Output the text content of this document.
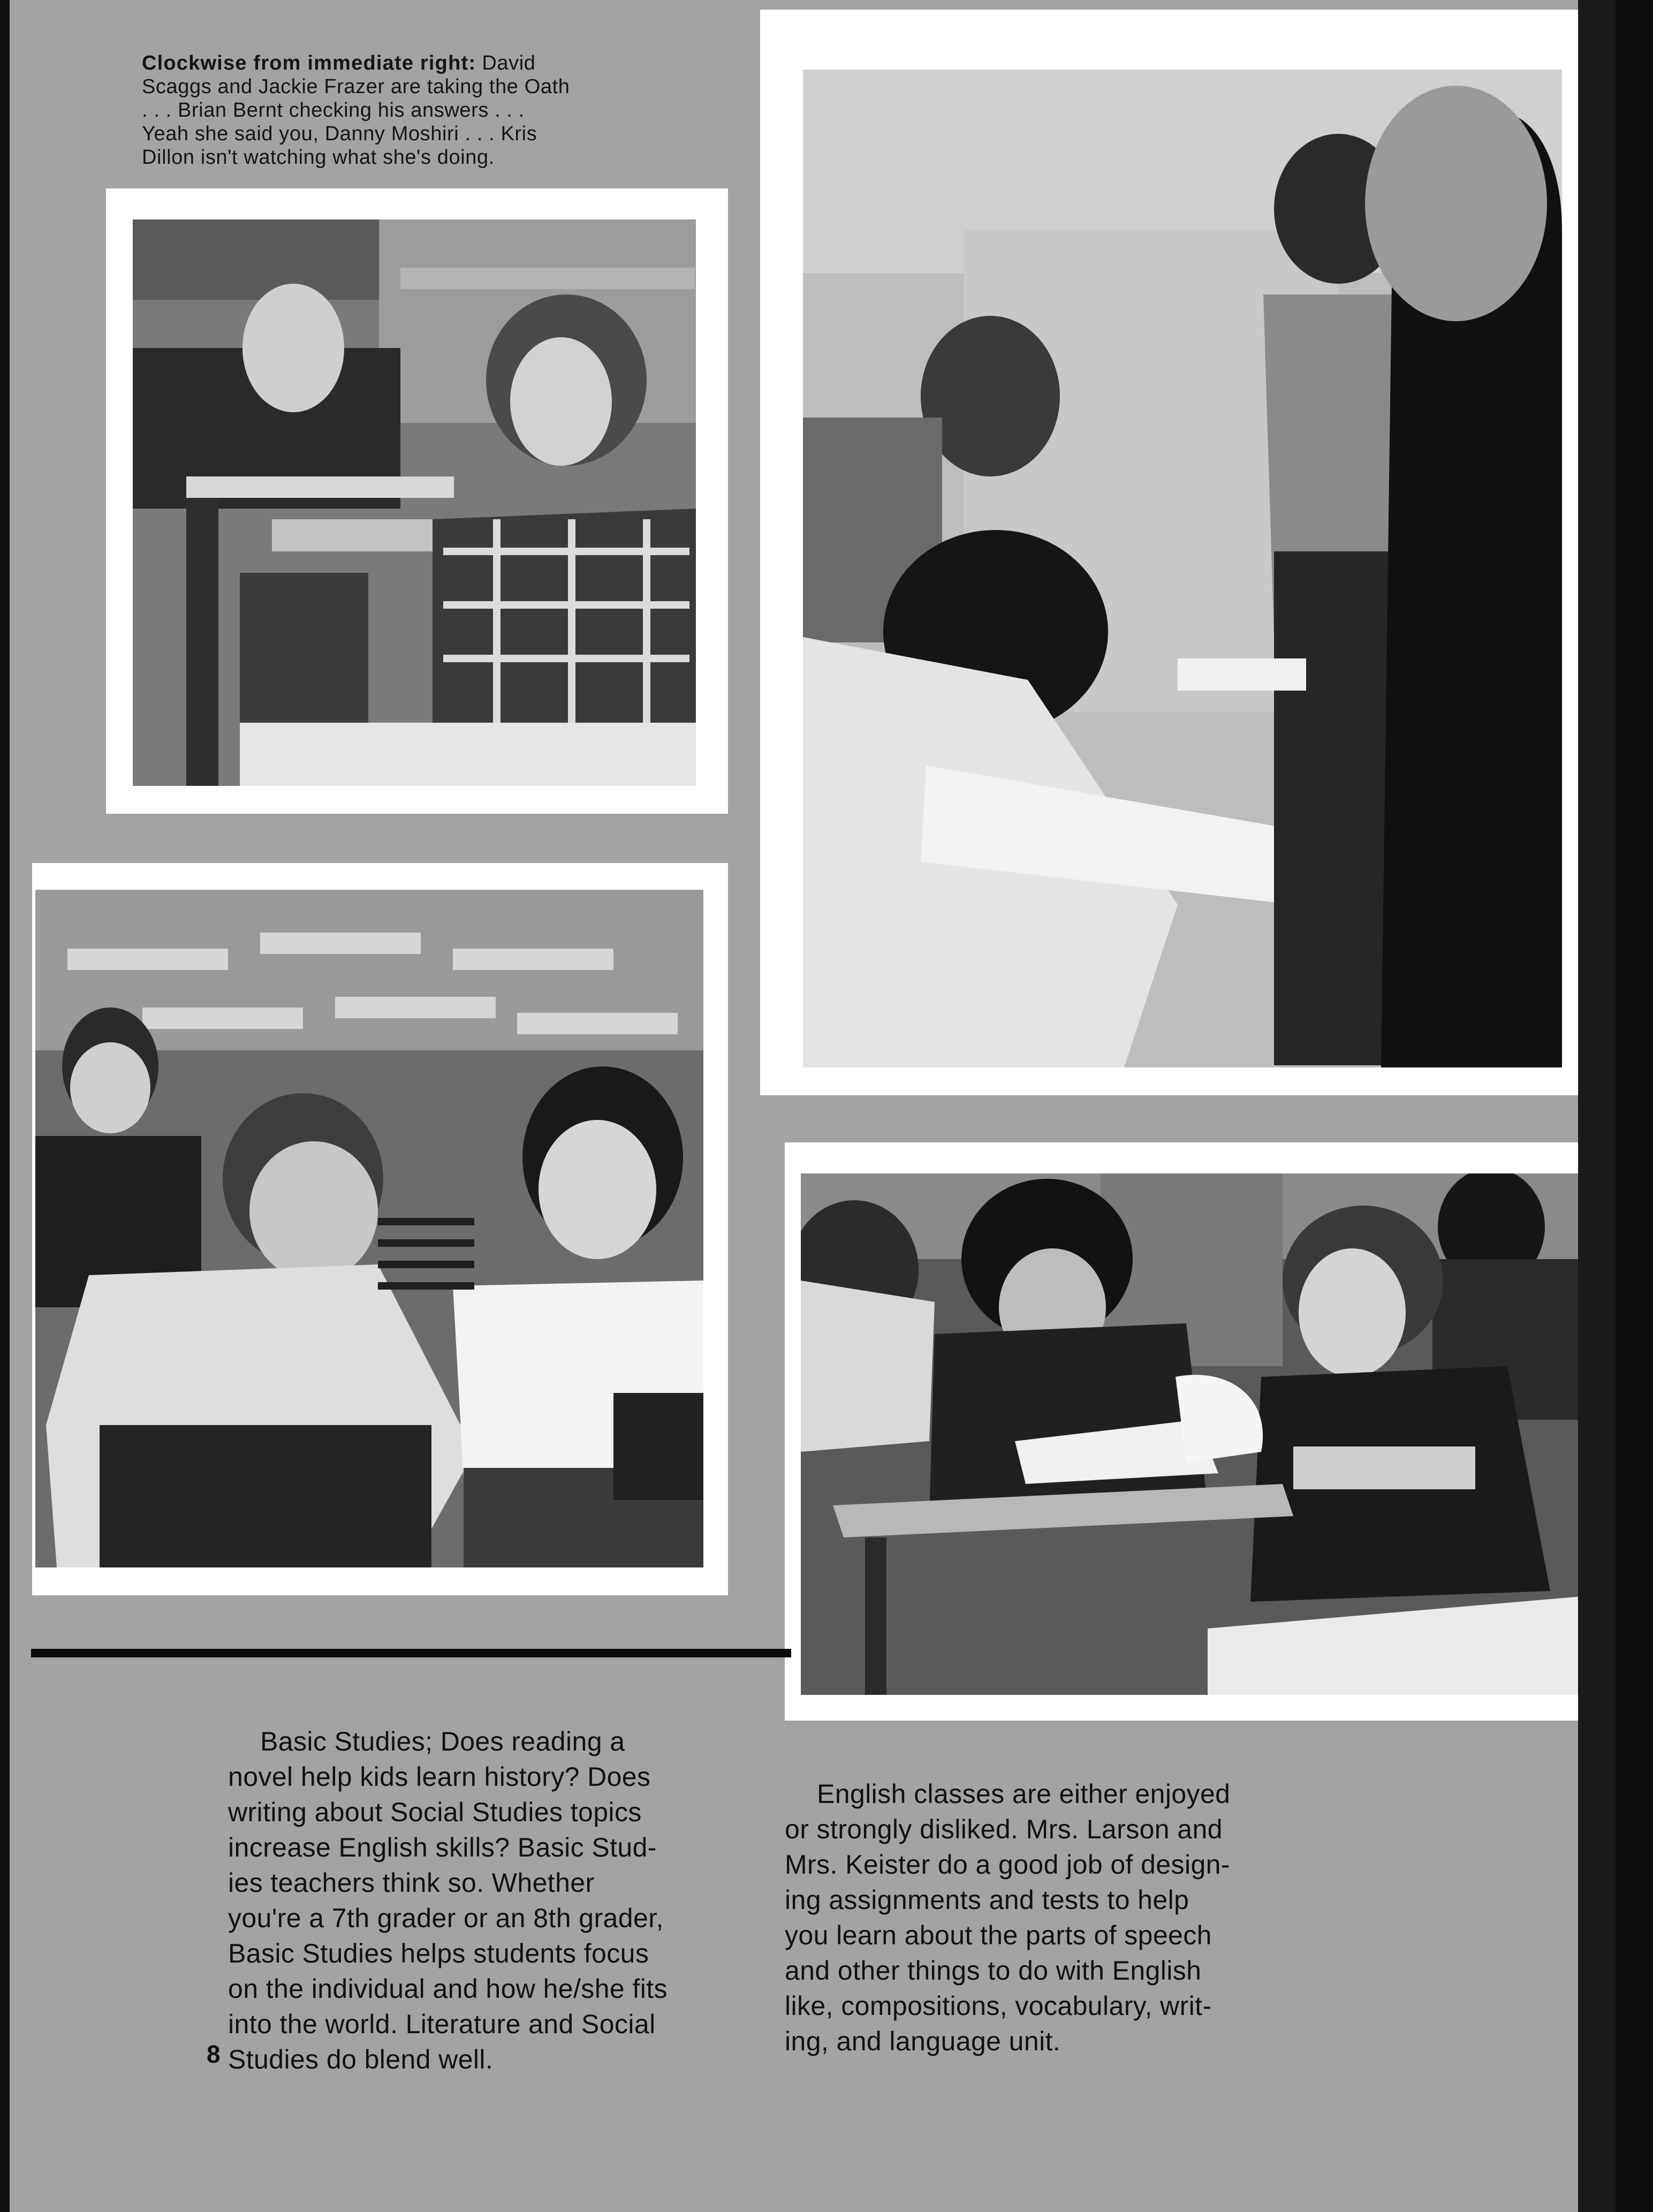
Clockwise from immediate right: David
Scaggs and Jackie Frazer are taking the Oath
. . . Brian Bernt checking his answers . . .
Yeah she said you, Danny Moshiri . . . Kris
Dillon isn't watching what she's doing.
Basic Studies; Does reading a
novel help kids learn history? Does
writing about Social Studies topics
increase English skills? Basic Stud-
ies teachers think so. Whether
you're a 7th grader or an 8th grader,
Basic Studies helps students focus
on the individual and how he/she fits
into the world. Literature and Social
Studies do blend well.
English classes are either enjoyed
or strongly disliked. Mrs. Larson and
Mrs. Keister do a good job of design-
ing assignments and tests to help
you learn about the parts of speech
and other things to do with English
like, compositions, vocabulary, writ-
ing, and language unit.
8
